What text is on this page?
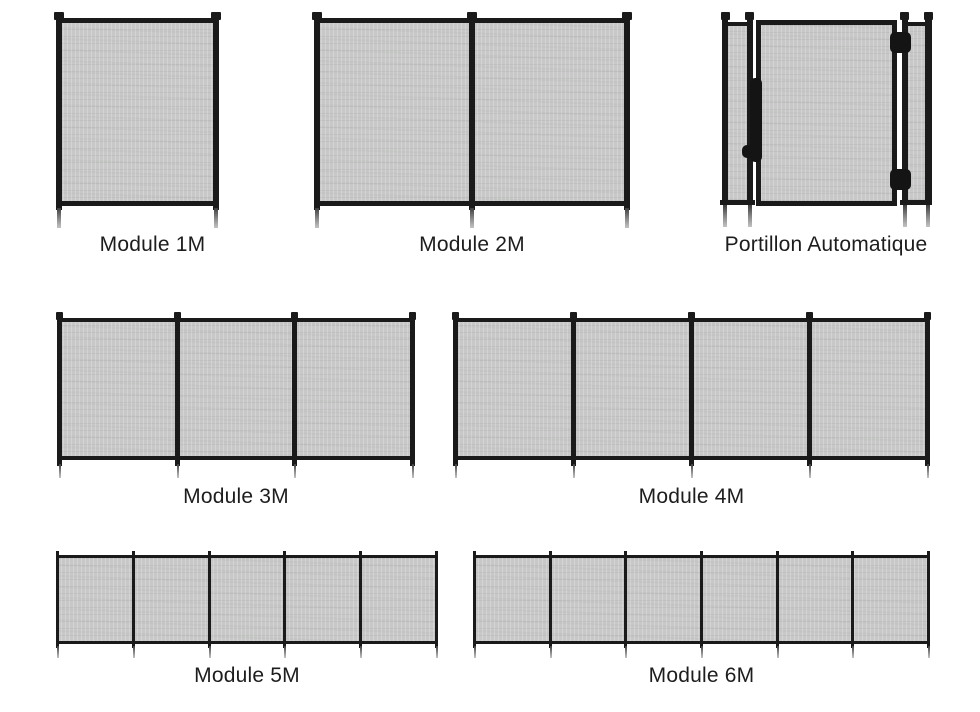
Module 1M	Module 2M	Portillon Automatique
Module 3M	Module 4M
Module 5M	Module 6M
